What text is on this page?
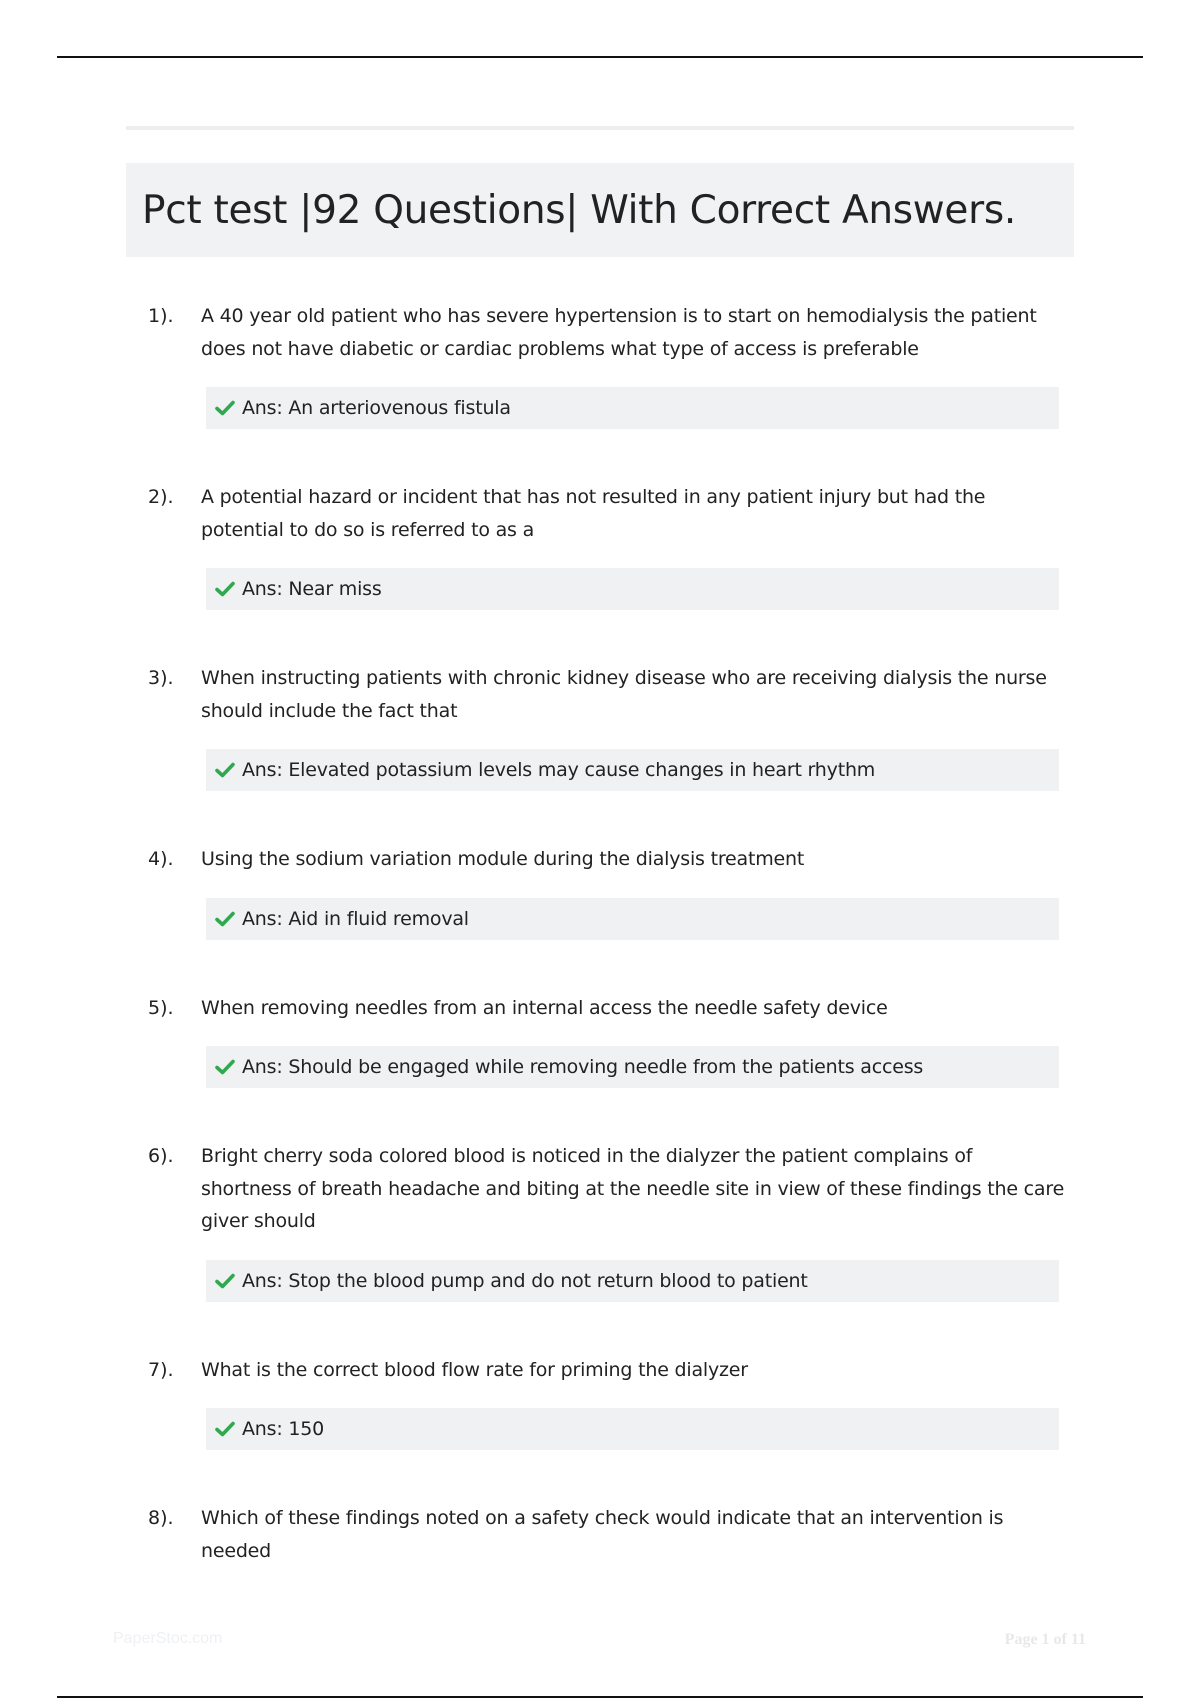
Pct test |92 Questions| With Correct Answers.
1).	A 40 year old patient who has severe hypertension is to start on hemodialysis the patient does not have diabetic or cardiac problems what type of access is preferable
Ans: An arteriovenous fistula
2).	A potential hazard or incident that has not resulted in any patient injury but had the potential to do so is referred to as a
Ans: Near miss
3).	When instructing patients with chronic kidney disease who are receiving dialysis the nurse should include the fact that
Ans: Elevated potassium levels may cause changes in heart rhythm
4).	Using the sodium variation module during the dialysis treatment
Ans: Aid in fluid removal
5).	When removing needles from an internal access the needle safety device
Ans: Should be engaged while removing needle from the patients access
6).	Bright cherry soda colored blood is noticed in the dialyzer the patient complains of shortness of breath headache and biting at the needle site in view of these findings the care giver should
Ans: Stop the blood pump and do not return blood to patient
7).	What is the correct blood flow rate for priming the dialyzer
Ans: 150
8).	Which of these findings noted on a safety check would indicate that an intervention is needed
PaperStoc.com	Page 1 of 11
